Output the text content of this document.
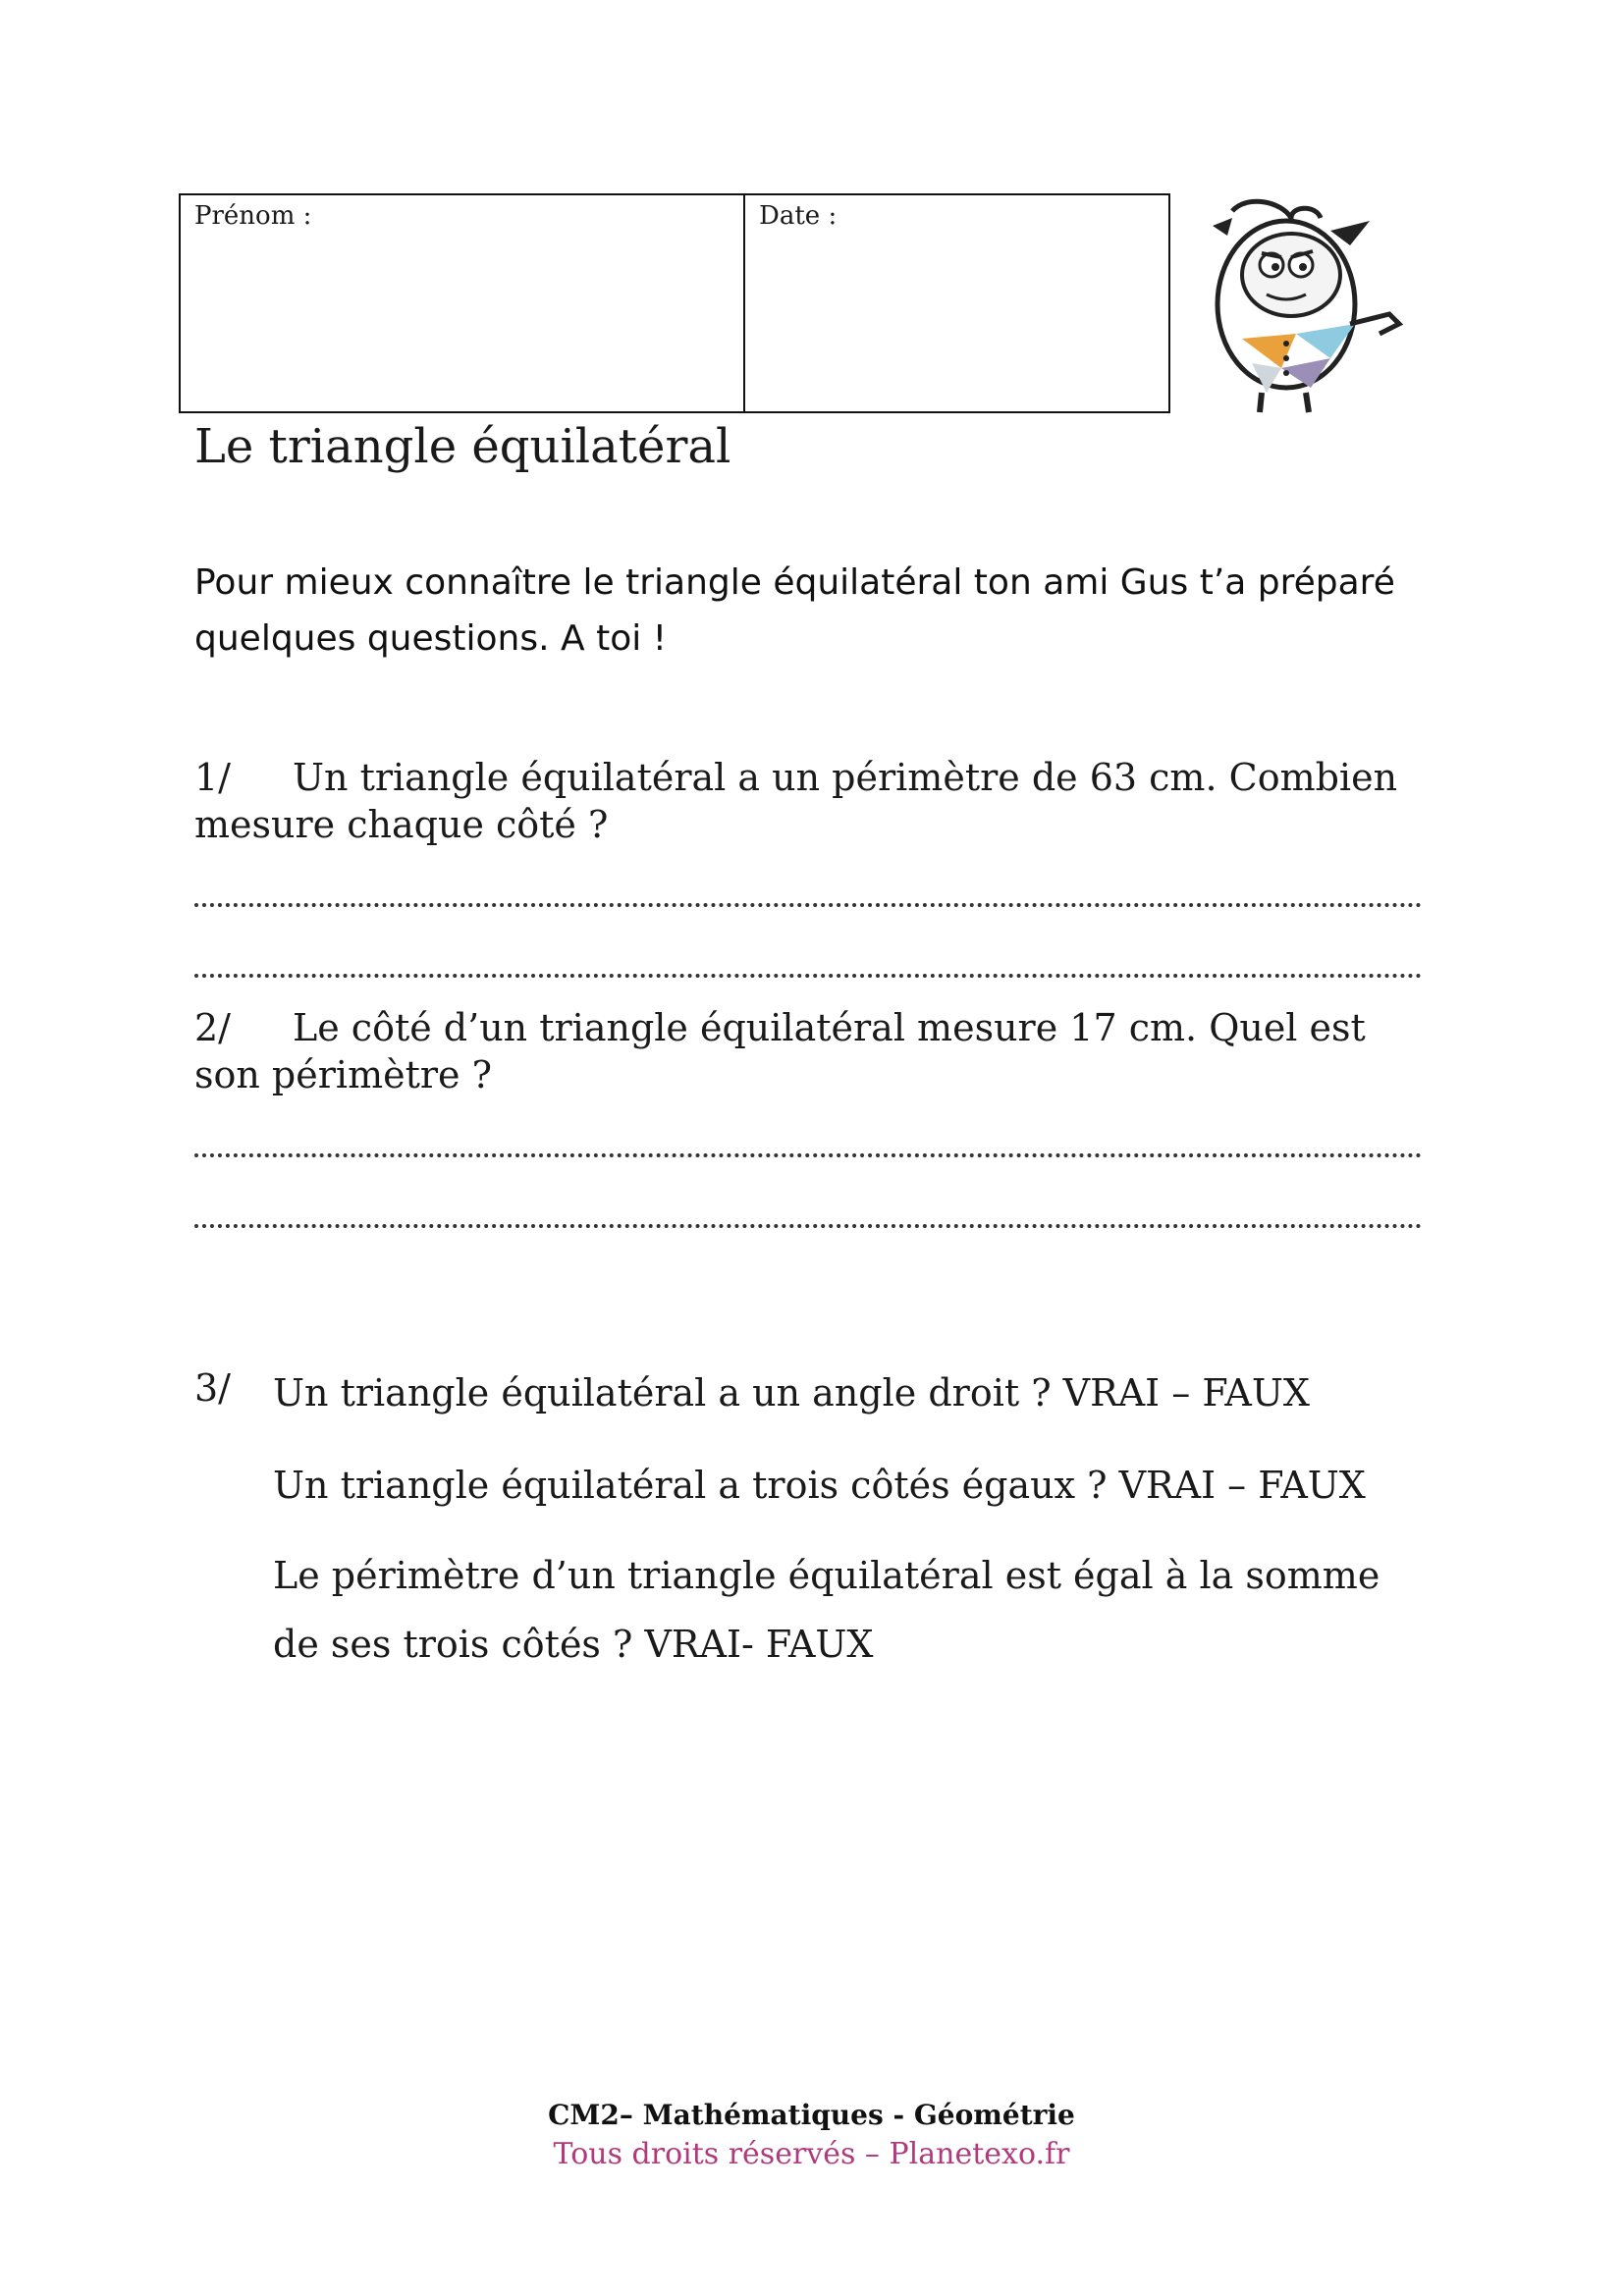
Prénom :	Date :
Le triangle équilatéral
Pour mieux connaître le triangle équilatéral ton ami Gus t’a préparé quelques questions. A toi !
1/ Un triangle équilatéral a un périmètre de 63 cm. Combien mesure chaque côté ?
2/ Le côté d’un triangle équilatéral mesure 17 cm. Quel est son périmètre ?
3/	Un triangle équilatéral a un angle droit ? VRAI – FAUX
Un triangle équilatéral a trois côtés égaux ? VRAI – FAUX
Le périmètre d’un triangle équilatéral est égal à la somme de ses trois côtés ? VRAI- FAUX
CM2– Mathématiques - Géométrie
Tous droits réservés – Planetexo.fr
